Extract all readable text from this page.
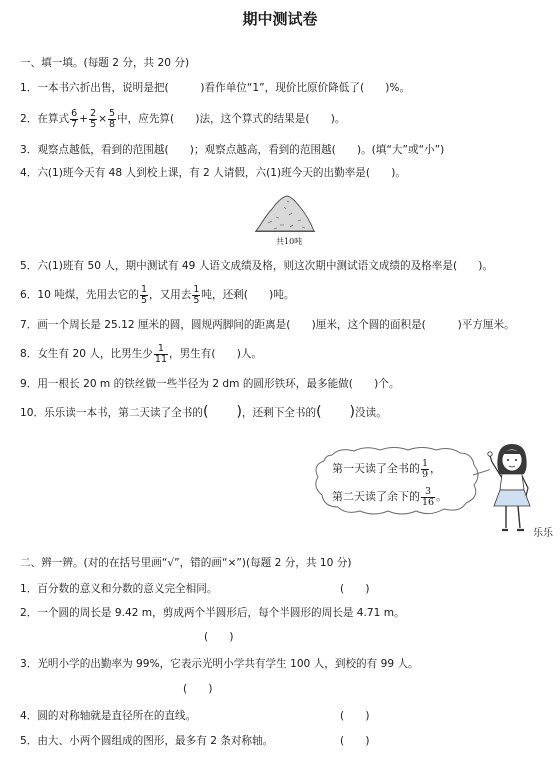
期中测试卷
一、填一填。(每题 2 分，共 20 分)
1．一本书六折出售，说明是把(　　　)看作单位“1”，现价比原价降低了(　　)%。
2．在算式 $\frac{6}{7} + \frac{2}{5} \times \frac{5}{8}$ 中，应先算(　　)法，这个算式的结果是(　　)。
3．观察点越低，看到的范围越(　　)；观察点越高，看到的范围越(　　)。(填“大”或“小”)
4．六(1)班今天有 48 人到校上课，有 2 人请假，六(1)班今天的出勤率是(　　)。
共10吨
5．六(1)班有 50 人，期中测试有 49 人语文成绩及格，则这次期中测试语文成绩的及格率是(　　)。
6．10 吨煤，先用去它的 $\frac{1}{5}$ ，又用去 $\frac{1}{5}$ 吨，还剩(　　)吨。
7．画一个周长是 25.12 厘米的圆，圆规两脚间的距离是(　　)厘米，这个圆的面积是(　　　)平方厘米。
8．女生有 20 人，比男生少 $\frac{1}{11}$ ，男生有(　　)人。
9．用一根长 20 m 的铁丝做一些半径为 2 dm 的圆形铁环，最多能做(　　)个。
10．乐乐读一本书，第二天读了全书的(　　)，还剩下全书的(　　)没读。
第一天读了全书的 $\frac{1}{9}$ ，
第二天读了余下的 $\frac{3}{16}$ 。
乐乐
二、辨一辨。(对的在括号里画“√”，错的画“×”)(每题 2 分，共 10 分)
1．百分数的意义和分数的意义完全相同。	(　　)
2．一个圆的周长是 9.42 m，剪成两个半圆形后，每个半圆形的周长是 4.71 m。
(　　)
3．光明小学的出勤率为 99%，它表示光明小学共有学生 100 人，到校的有 99 人。
(　　)
4．圆的对称轴就是直径所在的直线。	(　　)
5．由大、小两个圆组成的图形，最多有 2 条对称轴。	(　　)
